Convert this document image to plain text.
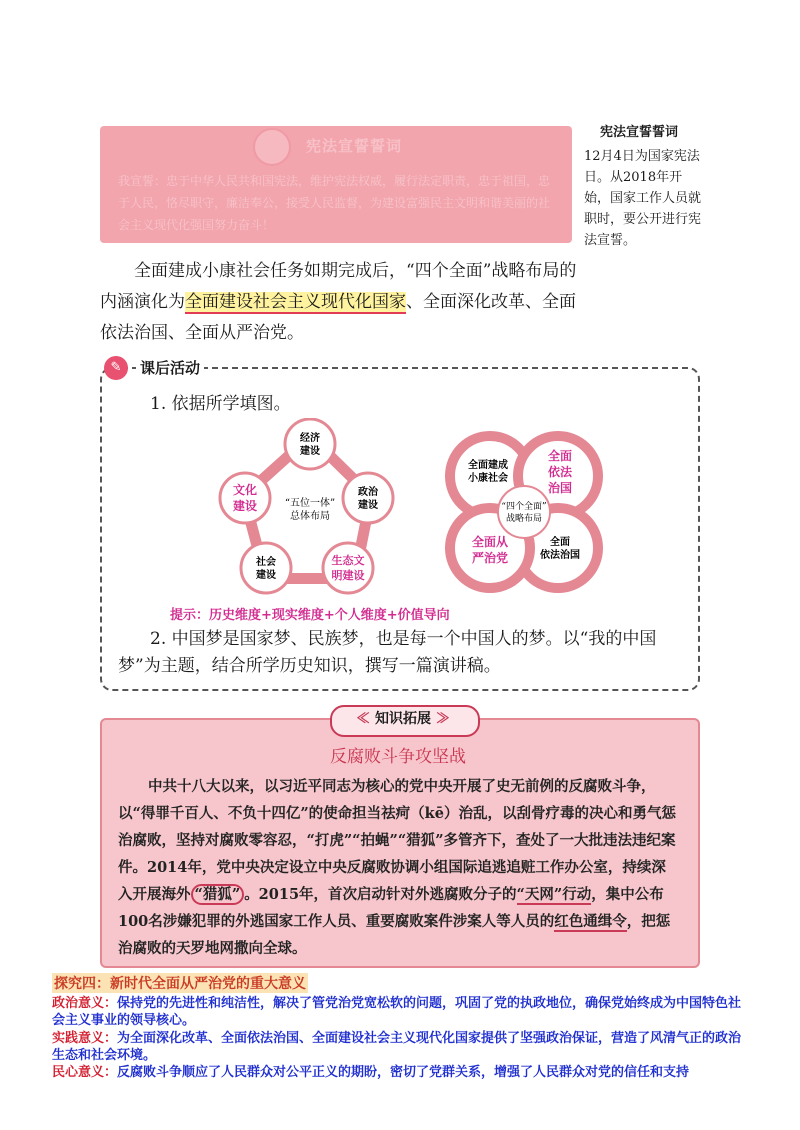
宪法宣誓誓词
我宣誓：忠于中华人民共和国宪法，维护宪法权威，履行法定职责，忠于祖国，忠于人民，恪尽职守，廉洁奉公，接受人民监督，为建设富强民主文明和谐美丽的社会主义现代化强国努力奋斗！
宪法宣誓誓词
12月4日为国家宪法日。从2018年开始，国家工作人员就职时，要公开进行宪法宣誓。
全面建成小康社会任务如期完成后，“四个全面”战略布局的内涵演化为全面建设社会主义现代化国家、全面深化改革、全面依法治国、全面从严治党。
✎	课后活动
1. 依据所学填图。
“五位一体”
总体布局
经济
建设
政治
建设
生态文
明建设
社会
建设
文化
建设	“四个全面”
战略布局
全面建成
小康社会
全面
依法
治国
全面
依法治国
全面从
严治党
提示：历史维度+现实维度+个人维度+价值导向
2. 中国梦是国家梦、民族梦，也是每一个中国人的梦。以“我的中国梦”为主题，结合所学历史知识，撰写一篇演讲稿。
≪ 知识拓展 ≫
反腐败斗争攻坚战
中共十八大以来，以习近平同志为核心的党中央开展了史无前例的反腐败斗争，以“得罪千百人、不负十四亿”的使命担当祛疴（kē）治乱，以刮骨疗毒的决心和勇气惩治腐败，坚持对腐败零容忍，“打虎”“拍蝇”“猎狐”多管齐下，查处了一大批违法违纪案件。2014年，党中央决定设立中央反腐败协调小组国际追逃追赃工作办公室，持续深入开展海外 “猎狐” 。2015年，首次启动针对外逃腐败分子的“天网”行动，集中公布100名涉嫌犯罪的外逃国家工作人员、重要腐败案件涉案人等人员的红色通缉令，把惩治腐败的天罗地网撒向全球。
探究四：新时代全面从严治党的重大意义
政治意义：保持党的先进性和纯洁性，解决了管党治党宽松软的问题，巩固了党的执政地位，确保党始终成为中国特色社会主义事业的领导核心。
实践意义：为全面深化改革、全面依法治国、全面建设社会主义现代化国家提供了坚强政治保证，营造了风清气正的政治生态和社会环境。
民心意义：反腐败斗争顺应了人民群众对公平正义的期盼，密切了党群关系，增强了人民群众对党的信任和支持
